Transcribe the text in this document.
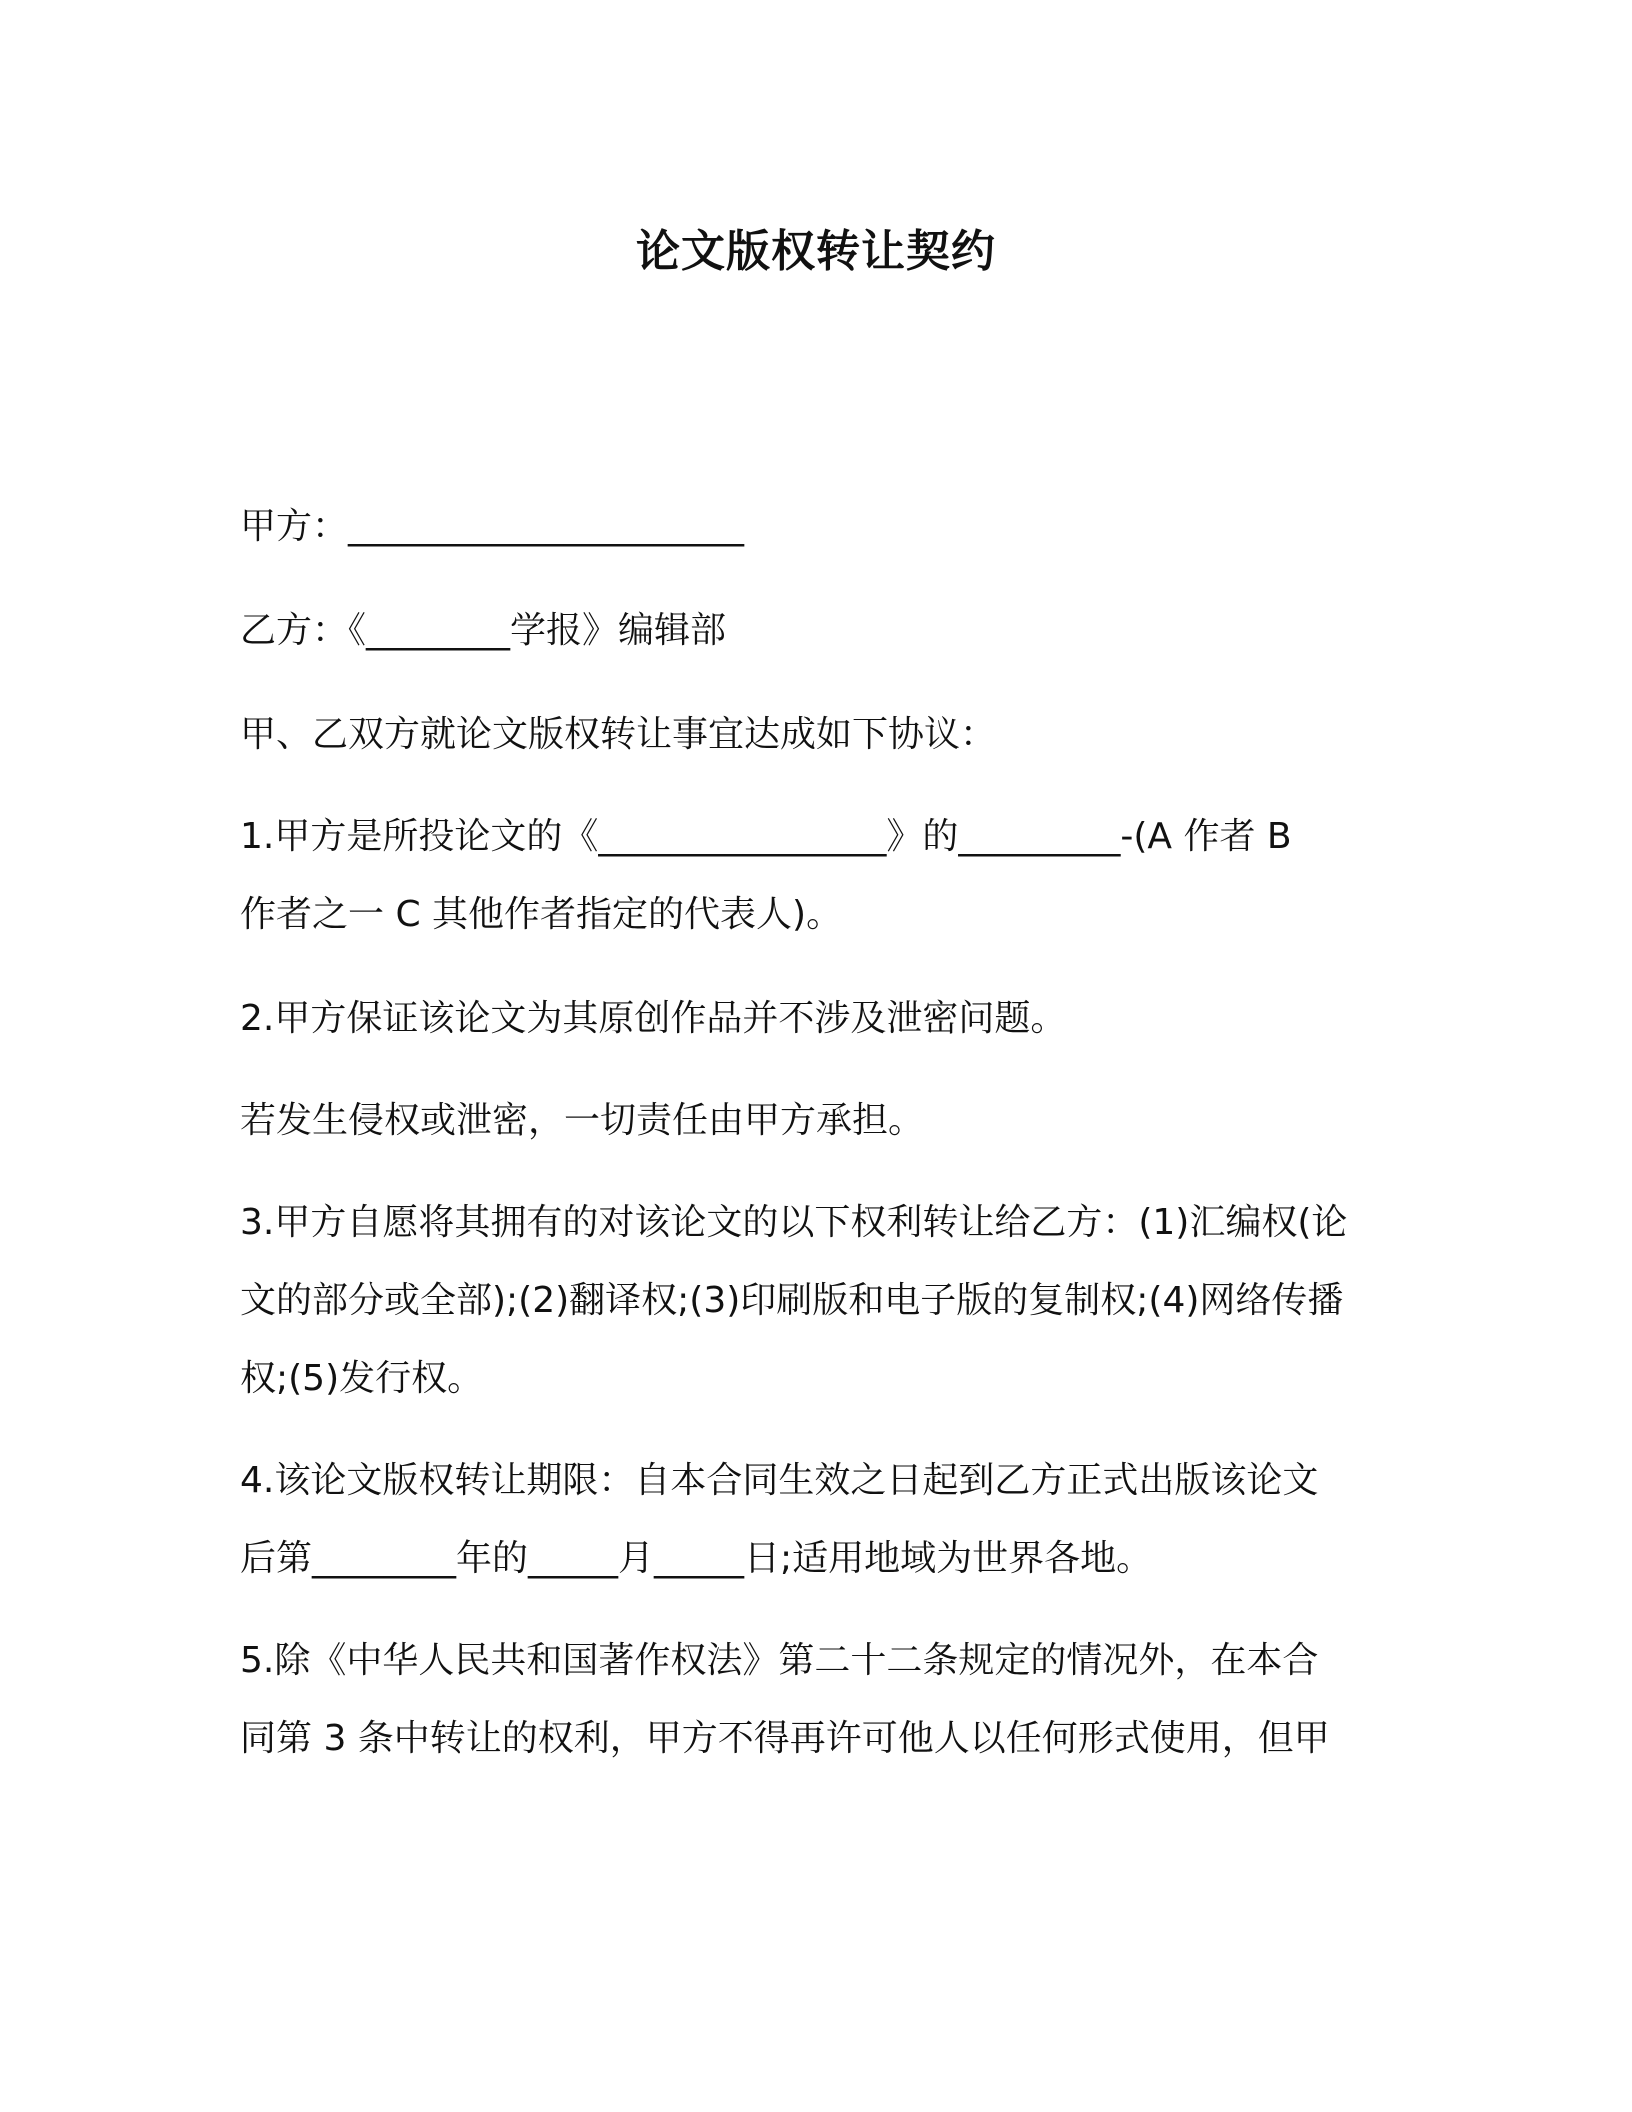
论文版权转让契约

甲方：______________________

乙方：《________学报》编辑部

甲、乙双方就论文版权转让事宜达成如下协议：

1.甲方是所投论文的《________________》的_________-(A 作者 B
作者之一 C 其他作者指定的代表人)。

2.甲方保证该论文为其原创作品并不涉及泄密问题。

若发生侵权或泄密，一切责任由甲方承担。

3.甲方自愿将其拥有的对该论文的以下权利转让给乙方：(1)汇编权(论
文的部分或全部);(2)翻译权;(3)印刷版和电子版的复制权;(4)网络传播
权;(5)发行权。
4.该论文版权转让期限：自本合同生效之日起到乙方正式出版该论文
后第________年的_____月_____日;适用地域为世界各地。
5.除《中华人民共和国著作权法》第二十二条规定的情况外，在本合
同第 3 条中转让的权利，甲方不得再许可他人以任何形式使用，但甲
